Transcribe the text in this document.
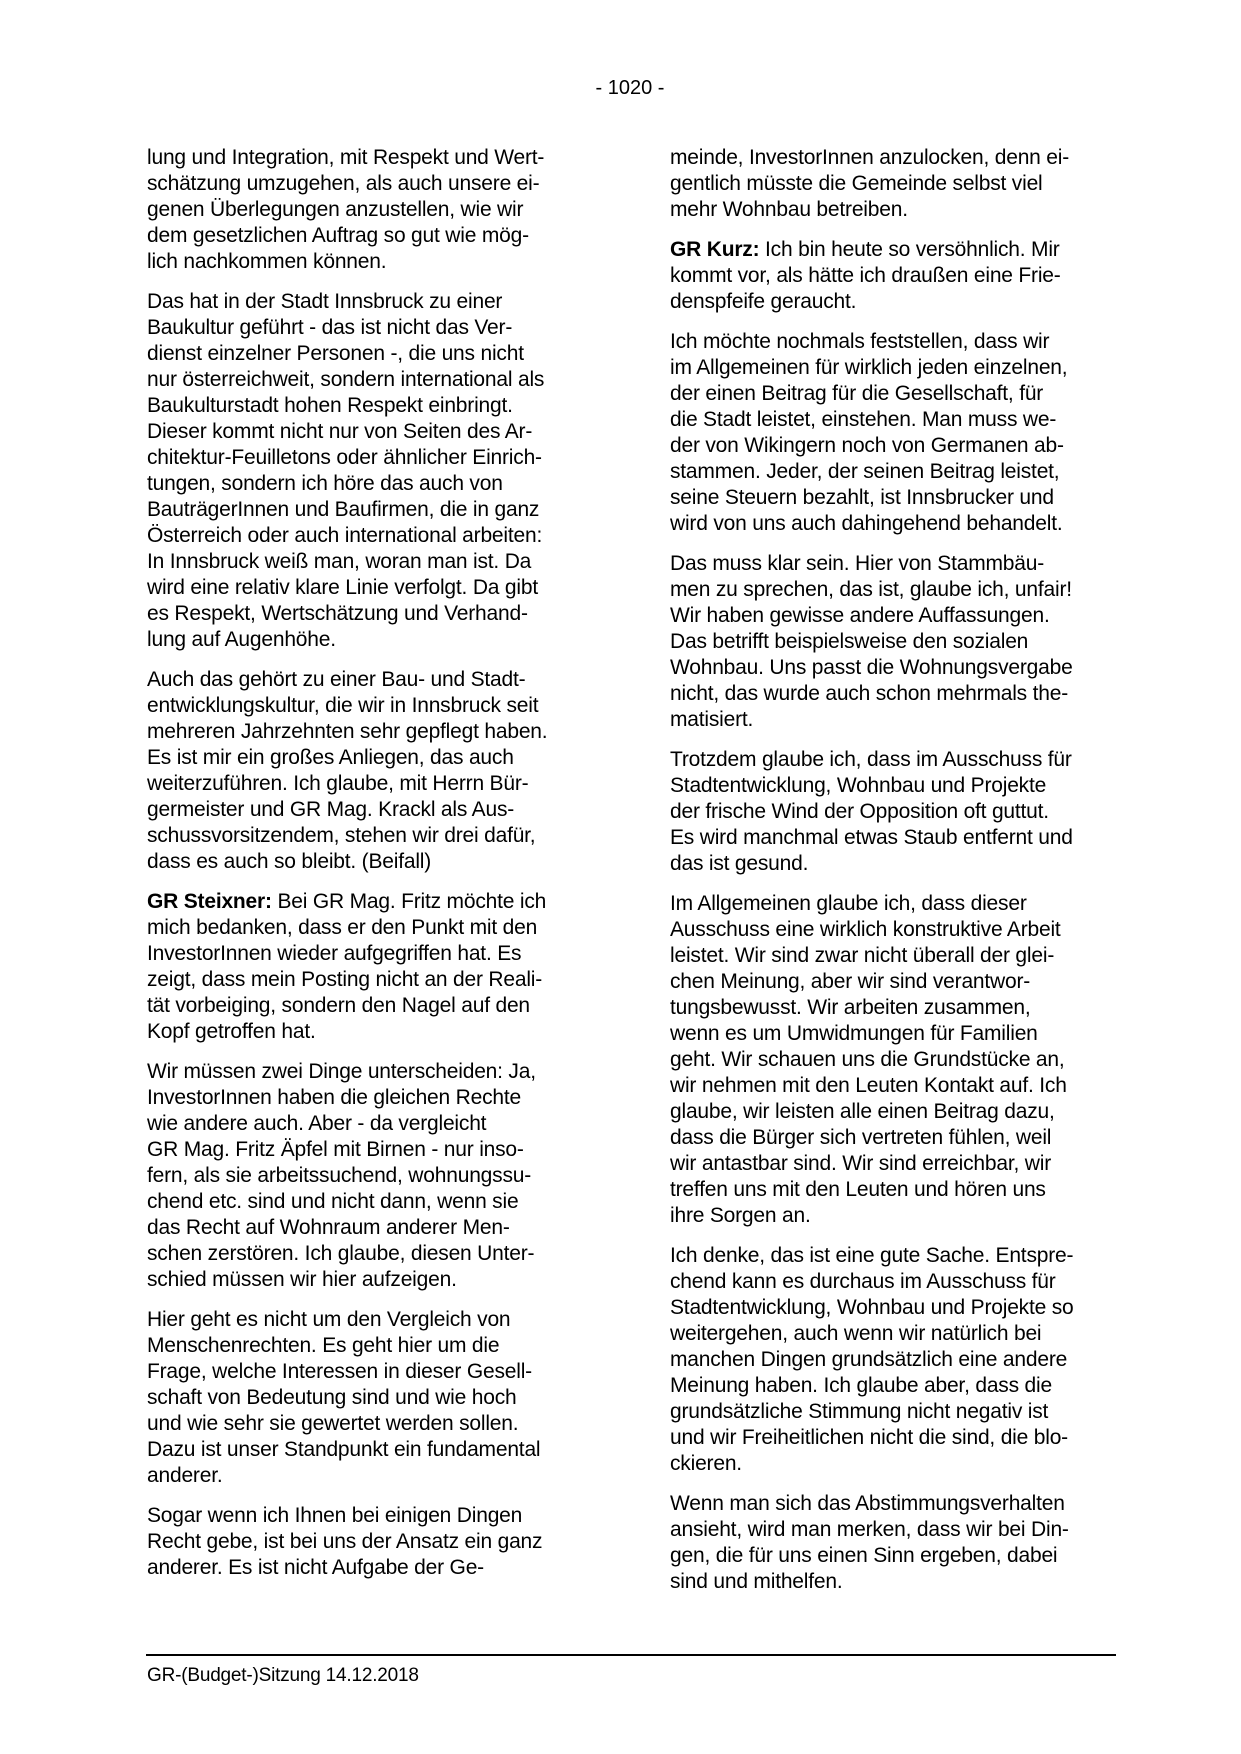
- 1020 -

lung und Integration, mit Respekt und Wert-
schätzung umzugehen, als auch unsere ei-
genen Überlegungen anzustellen, wie wir
dem gesetzlichen Auftrag so gut wie mög-
lich nachkommen können.

Das hat in der Stadt Innsbruck zu einer
Baukultur geführt - das ist nicht das Ver-
dienst einzelner Personen -, die uns nicht
nur österreichweit, sondern international als
Baukulturstadt hohen Respekt einbringt.
Dieser kommt nicht nur von Seiten des Ar-
chitektur-Feuilletons oder ähnlicher Einrich-
tungen, sondern ich höre das auch von
BauträgerInnen und Baufirmen, die in ganz
Österreich oder auch international arbeiten:
In Innsbruck weiß man, woran man ist. Da
wird eine relativ klare Linie verfolgt. Da gibt
es Respekt, Wertschätzung und Verhand-
lung auf Augenhöhe.

Auch das gehört zu einer Bau- und Stadt-
entwicklungskultur, die wir in Innsbruck seit
mehreren Jahrzehnten sehr gepflegt haben.
Es ist mir ein großes Anliegen, das auch
weiterzuführen. Ich glaube, mit Herrn Bür-
germeister und GR Mag. Krackl als Aus-
schussvorsitzendem, stehen wir drei dafür,
dass es auch so bleibt. (Beifall)

GR Steixner: Bei GR Mag. Fritz möchte ich
mich bedanken, dass er den Punkt mit den
InvestorInnen wieder aufgegriffen hat. Es
zeigt, dass mein Posting nicht an der Reali-
tät vorbeiging, sondern den Nagel auf den
Kopf getroffen hat.

Wir müssen zwei Dinge unterscheiden: Ja,
InvestorInnen haben die gleichen Rechte
wie andere auch. Aber - da vergleicht
GR Mag. Fritz Äpfel mit Birnen - nur inso-
fern, als sie arbeitssuchend, wohnungssu-
chend etc. sind und nicht dann, wenn sie
das Recht auf Wohnraum anderer Men-
schen zerstören. Ich glaube, diesen Unter-
schied müssen wir hier aufzeigen.

Hier geht es nicht um den Vergleich von
Menschenrechten. Es geht hier um die
Frage, welche Interessen in dieser Gesell-
schaft von Bedeutung sind und wie hoch
und wie sehr sie gewertet werden sollen.
Dazu ist unser Standpunkt ein fundamental
anderer.

Sogar wenn ich Ihnen bei einigen Dingen
Recht gebe, ist bei uns der Ansatz ein ganz
anderer. Es ist nicht Aufgabe der Ge-

meinde, InvestorInnen anzulocken, denn ei-
gentlich müsste die Gemeinde selbst viel
mehr Wohnbau betreiben.

GR Kurz: Ich bin heute so versöhnlich. Mir
kommt vor, als hätte ich draußen eine Frie-
denspfeife geraucht.

Ich möchte nochmals feststellen, dass wir
im Allgemeinen für wirklich jeden einzelnen,
der einen Beitrag für die Gesellschaft, für
die Stadt leistet, einstehen. Man muss we-
der von Wikingern noch von Germanen ab-
stammen. Jeder, der seinen Beitrag leistet,
seine Steuern bezahlt, ist Innsbrucker und
wird von uns auch dahingehend behandelt.

Das muss klar sein. Hier von Stammbäu-
men zu sprechen, das ist, glaube ich, unfair!
Wir haben gewisse andere Auffassungen.
Das betrifft beispielsweise den sozialen
Wohnbau. Uns passt die Wohnungsvergabe
nicht, das wurde auch schon mehrmals the-
matisiert.

Trotzdem glaube ich, dass im Ausschuss für
Stadtentwicklung, Wohnbau und Projekte
der frische Wind der Opposition oft guttut.
Es wird manchmal etwas Staub entfernt und
das ist gesund.

Im Allgemeinen glaube ich, dass dieser
Ausschuss eine wirklich konstruktive Arbeit
leistet. Wir sind zwar nicht überall der glei-
chen Meinung, aber wir sind verantwor-
tungsbewusst. Wir arbeiten zusammen,
wenn es um Umwidmungen für Familien
geht. Wir schauen uns die Grundstücke an,
wir nehmen mit den Leuten Kontakt auf. Ich
glaube, wir leisten alle einen Beitrag dazu,
dass die Bürger sich vertreten fühlen, weil
wir antastbar sind. Wir sind erreichbar, wir
treffen uns mit den Leuten und hören uns
ihre Sorgen an.

Ich denke, das ist eine gute Sache. Entspre-
chend kann es durchaus im Ausschuss für
Stadtentwicklung, Wohnbau und Projekte so
weitergehen, auch wenn wir natürlich bei
manchen Dingen grundsätzlich eine andere
Meinung haben. Ich glaube aber, dass die
grundsätzliche Stimmung nicht negativ ist
und wir Freiheitlichen nicht die sind, die blo-
ckieren.

Wenn man sich das Abstimmungsverhalten
ansieht, wird man merken, dass wir bei Din-
gen, die für uns einen Sinn ergeben, dabei
sind und mithelfen.

GR-(Budget-)Sitzung 14.12.2018
